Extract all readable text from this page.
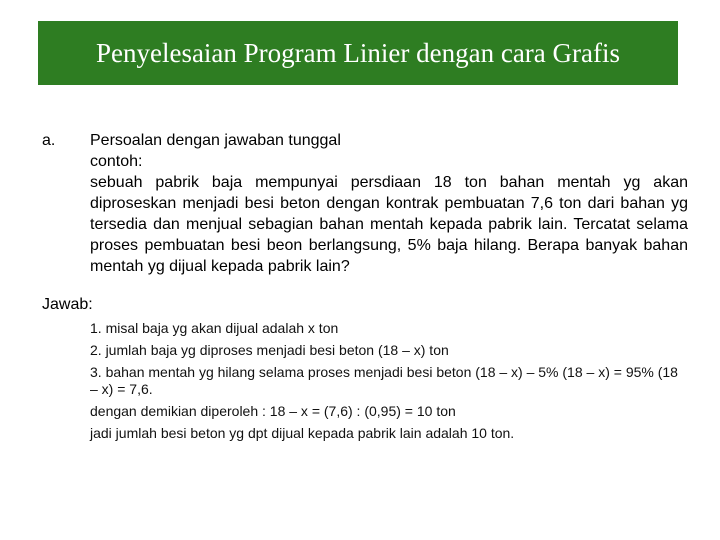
Penyelesaian Program Linier dengan cara Grafis
a. Persoalan dengan jawaban tunggal
contoh:
sebuah pabrik baja mempunyai persdiaan 18 ton bahan mentah yg akan diproseskan menjadi besi beton dengan kontrak pembuatan 7,6 ton dari bahan yg tersedia dan menjual sebagian bahan mentah kepada pabrik lain. Tercatat selama proses pembuatan besi beon berlangsung, 5% baja hilang. Berapa banyak bahan mentah yg dijual kepada pabrik lain?
Jawab:
1. misal baja yg akan dijual adalah x ton
2. jumlah baja yg diproses menjadi besi beton (18 – x) ton
3. bahan mentah yg hilang selama proses menjadi besi beton (18 – x) – 5% (18 – x) = 95% (18 – x) = 7,6.
dengan demikian diperoleh : 18 – x = (7,6) : (0,95) = 10 ton
jadi jumlah besi beton yg dpt dijual kepada pabrik lain adalah 10 ton.
